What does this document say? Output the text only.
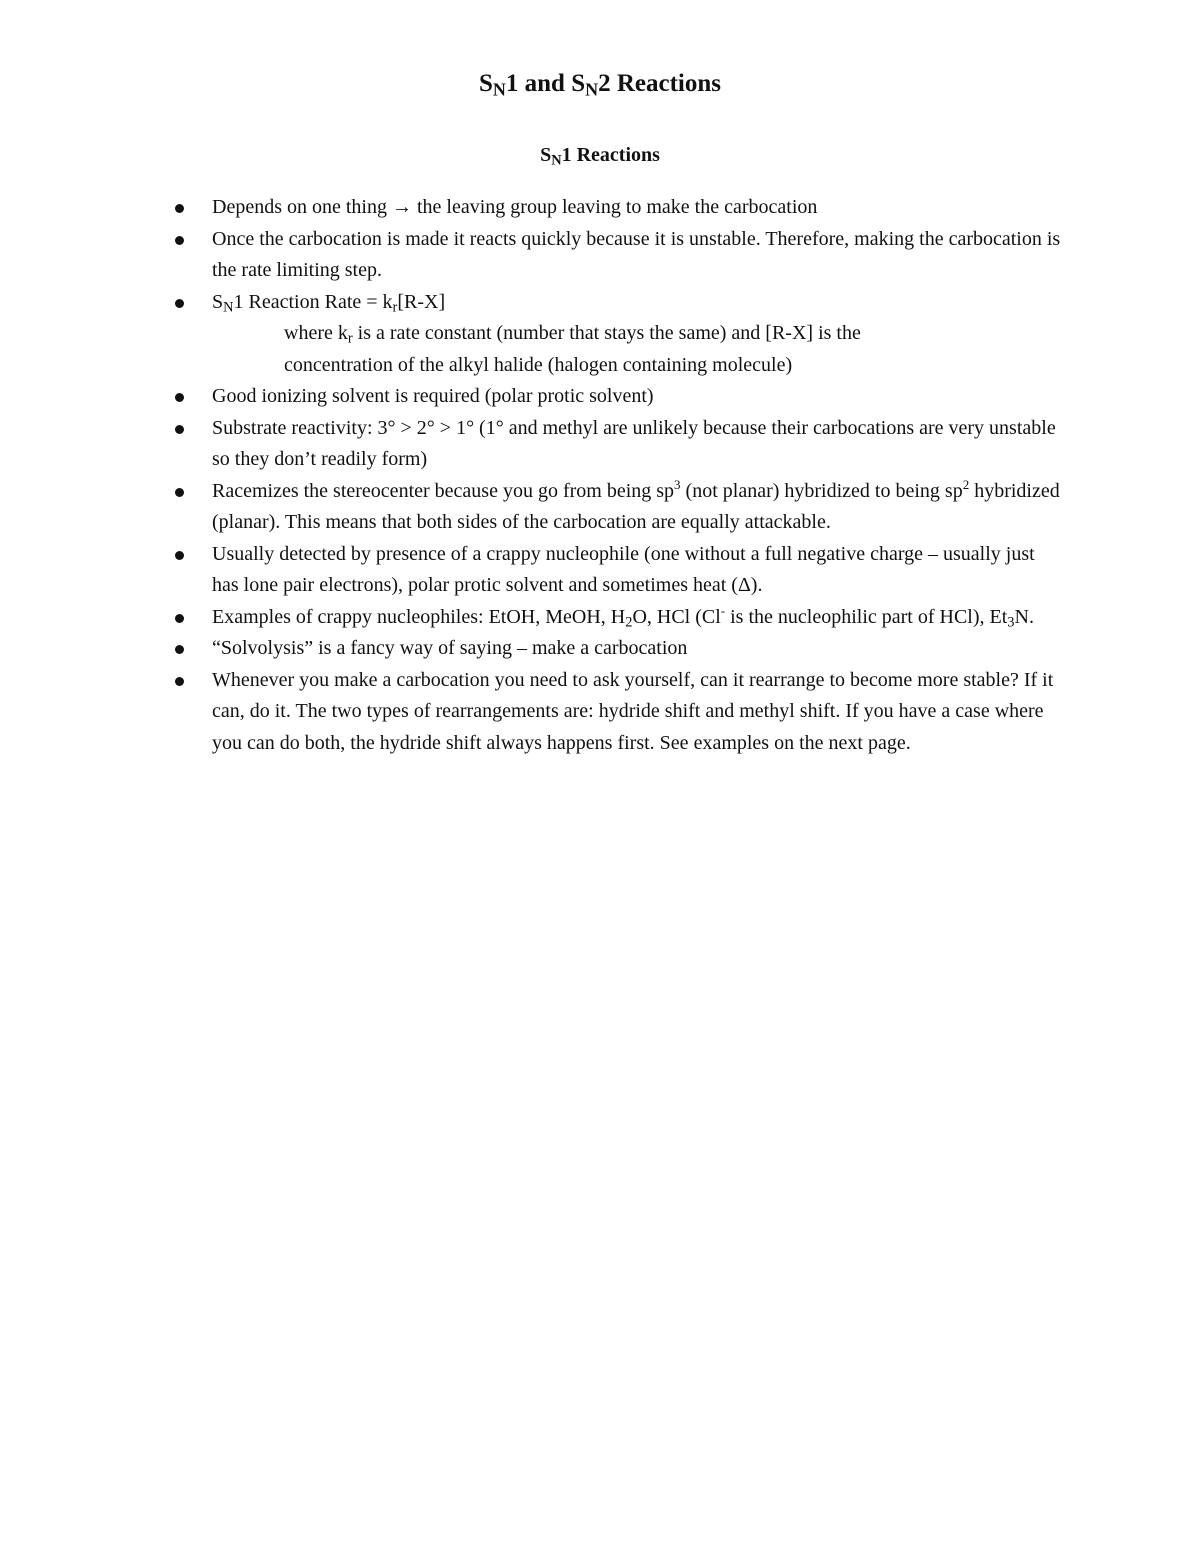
$S_N1$ and $S_N2$ Reactions
$S_N1$ Reactions
Depends on one thing → the leaving group leaving to make the carbocation
Once the carbocation is made it reacts quickly because it is unstable. Therefore, making the carbocation is the rate limiting step.
$S_N1$ Reaction Rate = $k_r[R-X]$
where $k_r$ is a rate constant (number that stays the same) and [R-X] is the
concentration of the alkyl halide (halogen containing molecule)
Good ionizing solvent is required (polar protic solvent)
Substrate reactivity: 3° > 2° > 1° (1° and methyl are unlikely because their carbocations are very unstable so they don’t readily form)
Racemizes the stereocenter because you go from being $sp^3$ (not planar) hybridized to being $sp^2$ hybridized (planar). This means that both sides of the carbocation are equally attackable.
Usually detected by presence of a crappy nucleophile (one without a full negative charge – usually just has lone pair electrons), polar protic solvent and sometimes heat (Δ).
Examples of crappy nucleophiles: EtOH, MeOH, $H_2O$, HCl (Cl- is the nucleophilic part of HCl), $Et_3N$.
“Solvolysis” is a fancy way of saying – make a carbocation
Whenever you make a carbocation you need to ask yourself, can it rearrange to become more stable? If it can, do it. The two types of rearrangements are: hydride shift and methyl shift. If you have a case where you can do both, the hydride shift always happens first. See examples on the next page.
